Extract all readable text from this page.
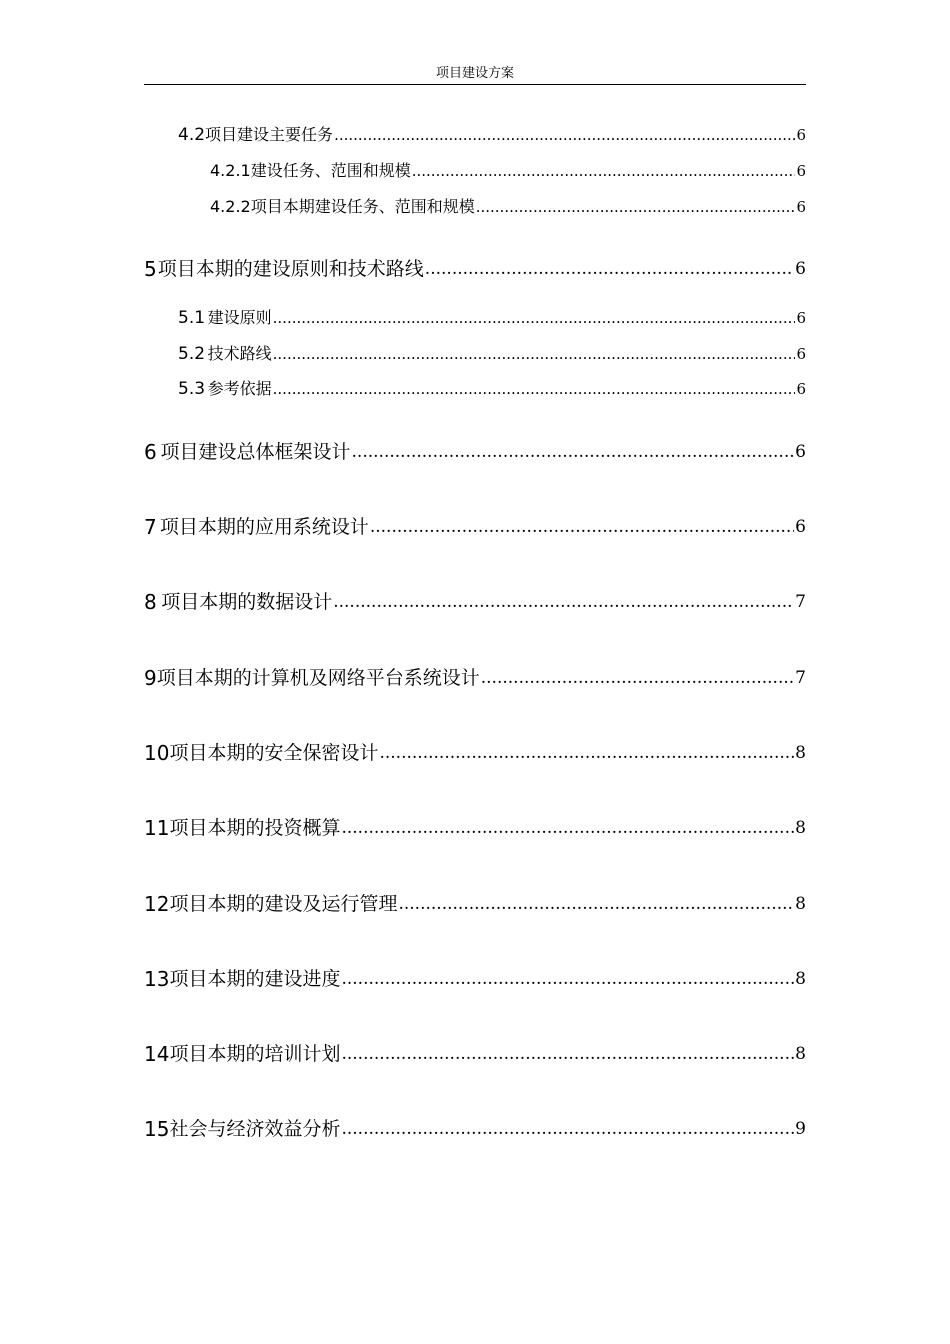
项目建设方案
4.2 项目建设主要任务 .....	6
4.2.1 建设任务、范围和规模 .....	6
4.2.2 项目本期建设任务、范围和规模 .....	6
5 项目本期的建设原则和技术路线 .....	6
5.1 建设原则 .....	6
5.2 技术路线 .....	6
5.3 参考依据 .....	6
6 项目建设总体框架设计 .....	6
7 项目本期的应用系统设计 .....	6
8 项目本期的数据设计 .....	7
9 项目本期的计算机及网络平台系统设计 .....	7
10 项目本期的安全保密设计 .....	8
11 项目本期的投资概算 .....	8
12 项目本期的建设及运行管理 .....	8
13 项目本期的建设进度 .....	8
14 项目本期的培训计划 .....	8
15 社会与经济效益分析 .....	9
